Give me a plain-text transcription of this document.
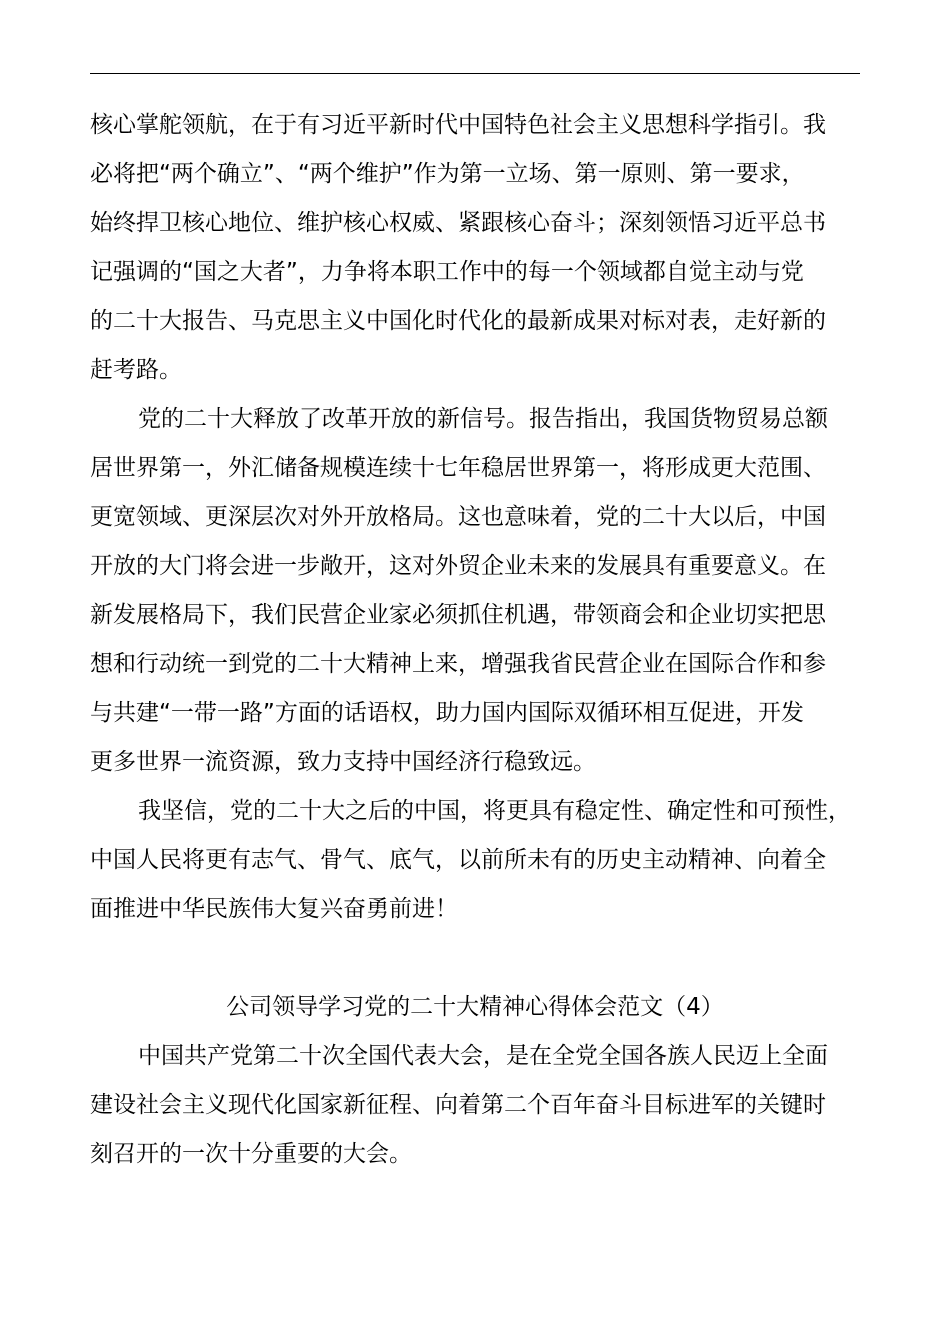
核心掌舵领航，在于有习近平新时代中国特色社会主义思想科学指引。我
必将把“两个确立”、“两个维护”作为第一立场、第一原则、第一要求，
始终捍卫核心地位、维护核心权威、紧跟核心奋斗；深刻领悟习近平总书
记强调的“国之大者”，力争将本职工作中的每一个领域都自觉主动与党
的二十大报告、马克思主义中国化时代化的最新成果对标对表，走好新的
赶考路。

党的二十大释放了改革开放的新信号。报告指出，我国货物贸易总额
居世界第一，外汇储备规模连续十七年稳居世界第一，将形成更大范围、
更宽领域、更深层次对外开放格局。这也意味着，党的二十大以后，中国
开放的大门将会进一步敞开，这对外贸企业未来的发展具有重要意义。在
新发展格局下，我们民营企业家必须抓住机遇，带领商会和企业切实把思
想和行动统一到党的二十大精神上来，增强我省民营企业在国际合作和参
与共建“一带一路”方面的话语权，助力国内国际双循环相互促进，开发
更多世界一流资源，致力支持中国经济行稳致远。

我坚信，党的二十大之后的中国，将更具有稳定性、确定性和可预性，
中国人民将更有志气、骨气、底气，以前所未有的历史主动精神、向着全
面推进中华民族伟大复兴奋勇前进！

公司领导学习党的二十大精神心得体会范文（4）

中国共产党第二十次全国代表大会，是在全党全国各族人民迈上全面
建设社会主义现代化国家新征程、向着第二个百年奋斗目标进军的关键时
刻召开的一次十分重要的大会。
